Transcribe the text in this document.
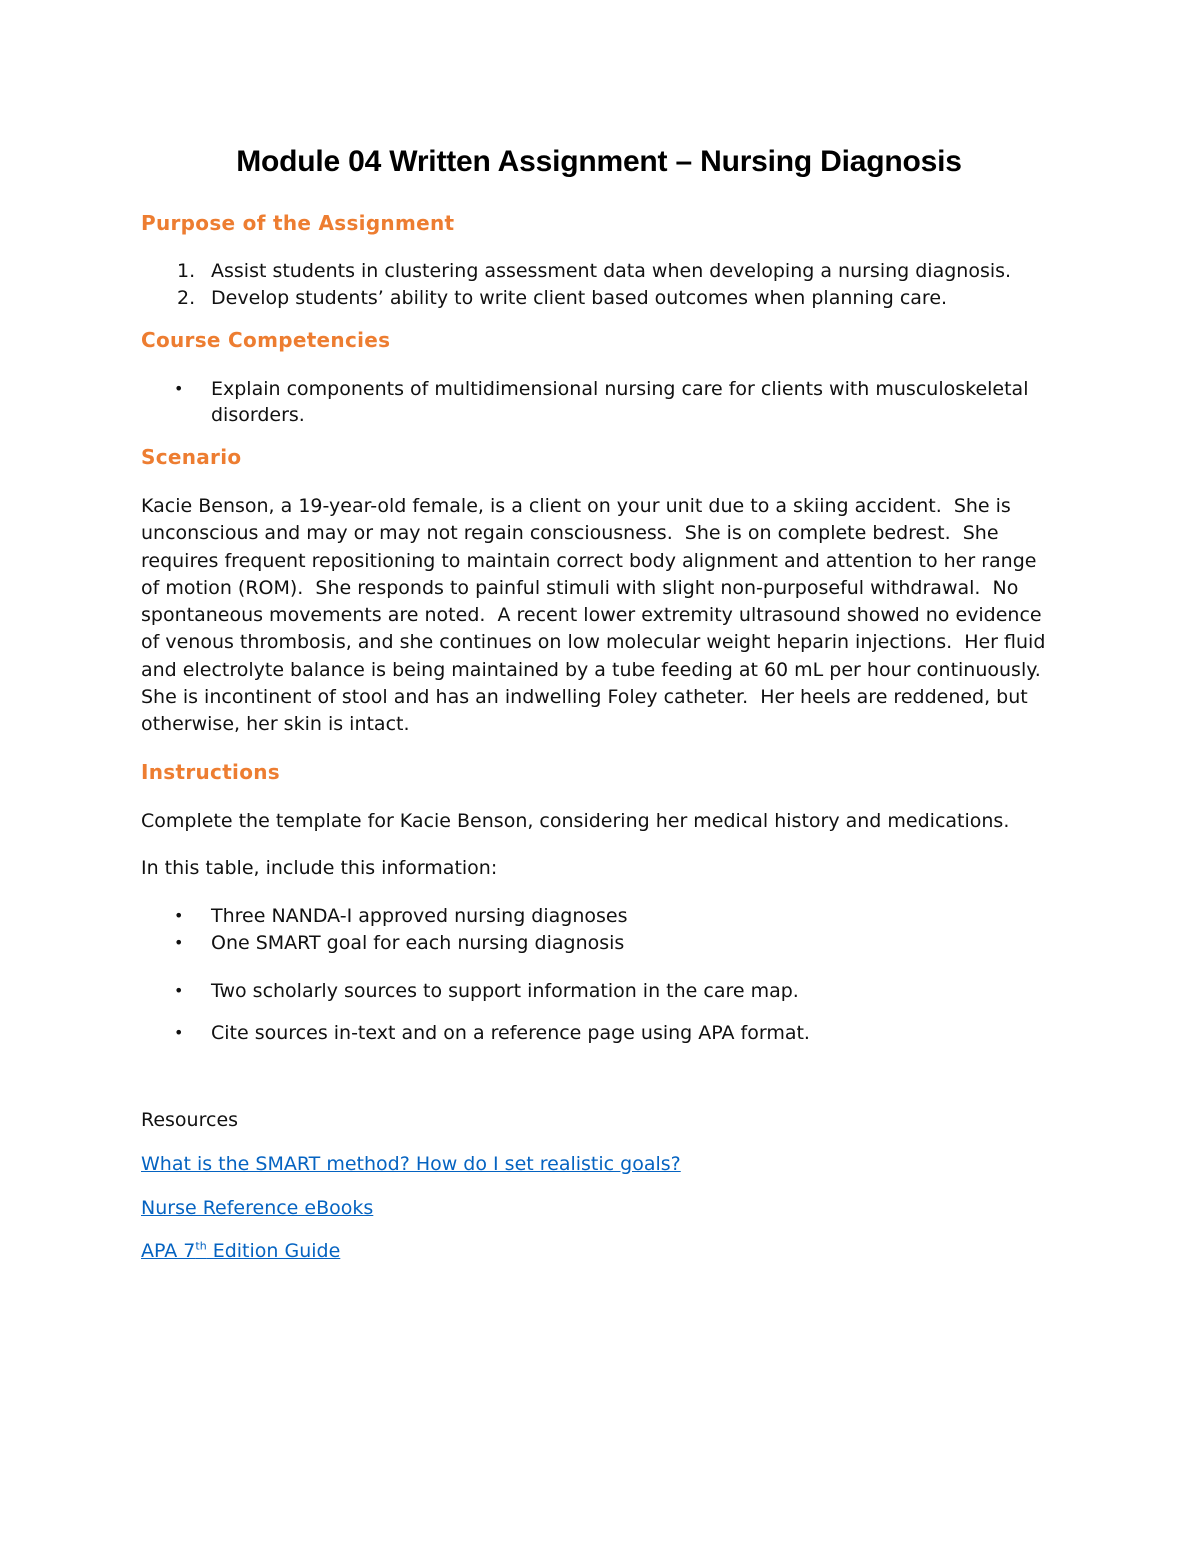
Module 04 Written Assignment – Nursing Diagnosis
Purpose of the Assignment
1. Assist students in clustering assessment data when developing a nursing diagnosis.
2. Develop students’ ability to write client based outcomes when planning care.
Course Competencies
• Explain components of multidimensional nursing care for clients with musculoskeletal disorders.
Scenario
Kacie Benson, a 19-year-old female, is a client on your unit due to a skiing accident.  She is unconscious and may or may not regain consciousness.  She is on complete bedrest.  She requires frequent repositioning to maintain correct body alignment and attention to her range of motion (ROM).  She responds to painful stimuli with slight non-purposeful withdrawal.  No spontaneous movements are noted.  A recent lower extremity ultrasound showed no evidence of venous thrombosis, and she continues on low molecular weight heparin injections.  Her fluid and electrolyte balance is being maintained by a tube feeding at 60 mL per hour continuously.  She is incontinent of stool and has an indwelling Foley catheter.  Her heels are reddened, but otherwise, her skin is intact.
Instructions
Complete the template for Kacie Benson, considering her medical history and medications.
In this table, include this information:
• Three NANDA-I approved nursing diagnoses
• One SMART goal for each nursing diagnosis
• Two scholarly sources to support information in the care map.
• Cite sources in-text and on a reference page using APA format.
Resources
What is the SMART method? How do I set realistic goals?
Nurse Reference eBooks
APA 7th Edition Guide
